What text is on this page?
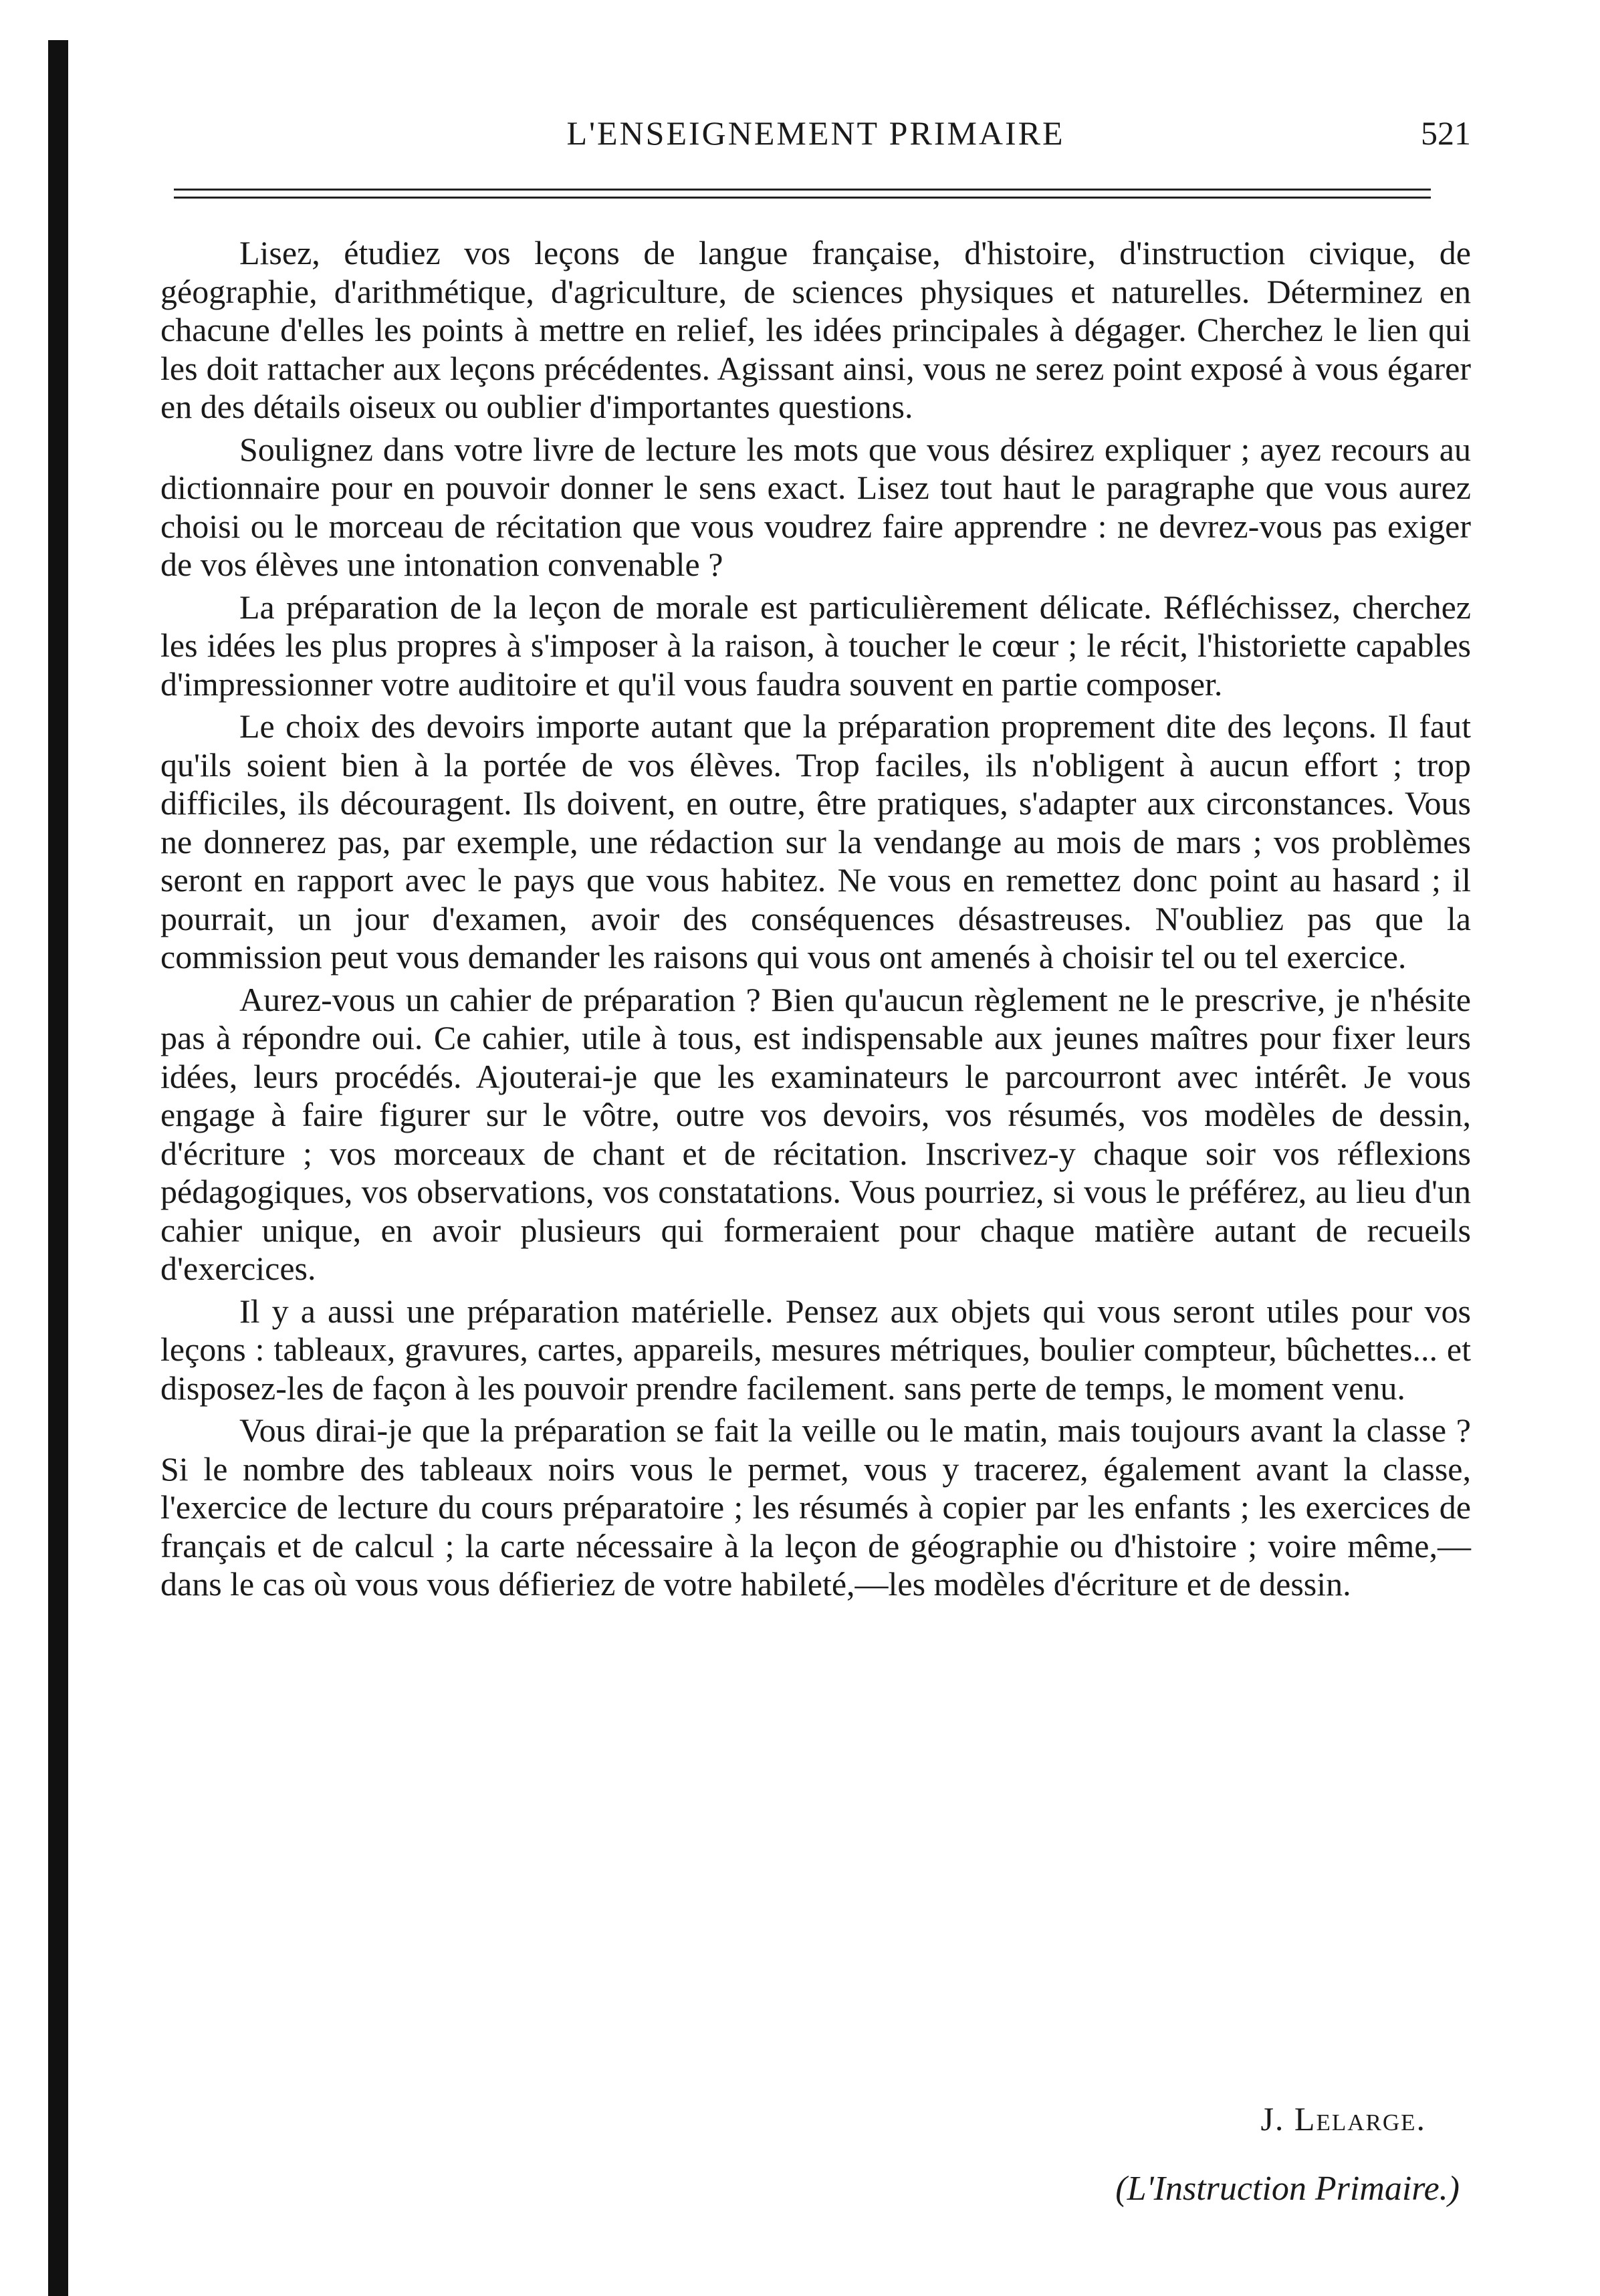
L'ENSEIGNEMENT PRIMAIRE	521

Lisez, étudiez vos leçons de langue française, d'histoire, d'instruction civique, de géographie, d'arithmétique, d'agriculture, de sciences physiques et naturelles. Déterminez en chacune d'elles les points à mettre en relief, les idées principales à dégager. Cherchez le lien qui les doit rattacher aux leçons précédentes. Agissant ainsi, vous ne serez point exposé à vous égarer en des détails oiseux ou oublier d'importantes questions.

Soulignez dans votre livre de lecture les mots que vous désirez expliquer ; ayez recours au dictionnaire pour en pouvoir donner le sens exact. Lisez tout haut le paragraphe que vous aurez choisi ou le morceau de récitation que vous voudrez faire apprendre : ne devrez-vous pas exiger de vos élèves une intonation convenable ?

La préparation de la leçon de morale est particulièrement délicate. Réfléchissez, cherchez les idées les plus propres à s'imposer à la raison, à toucher le cœur ; le récit, l'historiette capables d'impressionner votre auditoire et qu'il vous faudra souvent en partie composer.

Le choix des devoirs importe autant que la préparation proprement dite des leçons. Il faut qu'ils soient bien à la portée de vos élèves. Trop faciles, ils n'obligent à aucun effort ; trop difficiles, ils découragent. Ils doivent, en outre, être pratiques, s'adapter aux circonstances. Vous ne donnerez pas, par exemple, une rédaction sur la vendange au mois de mars ; vos problèmes seront en rapport avec le pays que vous habitez. Ne vous en remettez donc point au hasard ; il pourrait, un jour d'examen, avoir des conséquences désastreuses. N'oubliez pas que la commission peut vous demander les raisons qui vous ont amenés à choisir tel ou tel exercice.

Aurez-vous un cahier de préparation ? Bien qu'aucun règlement ne le prescrive, je n'hésite pas à répondre oui. Ce cahier, utile à tous, est indispensable aux jeunes maîtres pour fixer leurs idées, leurs procédés. Ajouterai-je que les examinateurs le parcourront avec intérêt. Je vous engage à faire figurer sur le vôtre, outre vos devoirs, vos résumés, vos modèles de dessin, d'écriture ; vos morceaux de chant et de récitation. Inscrivez-y chaque soir vos réflexions pédagogiques, vos observations, vos constatations. Vous pourriez, si vous le préférez, au lieu d'un cahier unique, en avoir plusieurs qui formeraient pour chaque matière autant de recueils d'exercices.

Il y a aussi une préparation matérielle. Pensez aux objets qui vous seront utiles pour vos leçons : tableaux, gravures, cartes, appareils, mesures métriques, boulier compteur, bûchettes... et disposez-les de façon à les pouvoir prendre facilement. sans perte de temps, le moment venu.

Vous dirai-je que la préparation se fait la veille ou le matin, mais toujours avant la classe ? Si le nombre des tableaux noirs vous le permet, vous y tracerez, également avant la classe, l'exercice de lecture du cours préparatoire ; les résumés à copier par les enfants ; les exercices de français et de calcul ; la carte nécessaire à la leçon de géographie ou d'histoire ; voire même,—dans le cas où vous vous défieriez de votre habileté,—les modèles d'écriture et de dessin.

J. Lelarge.
(L'Instruction Primaire.)
